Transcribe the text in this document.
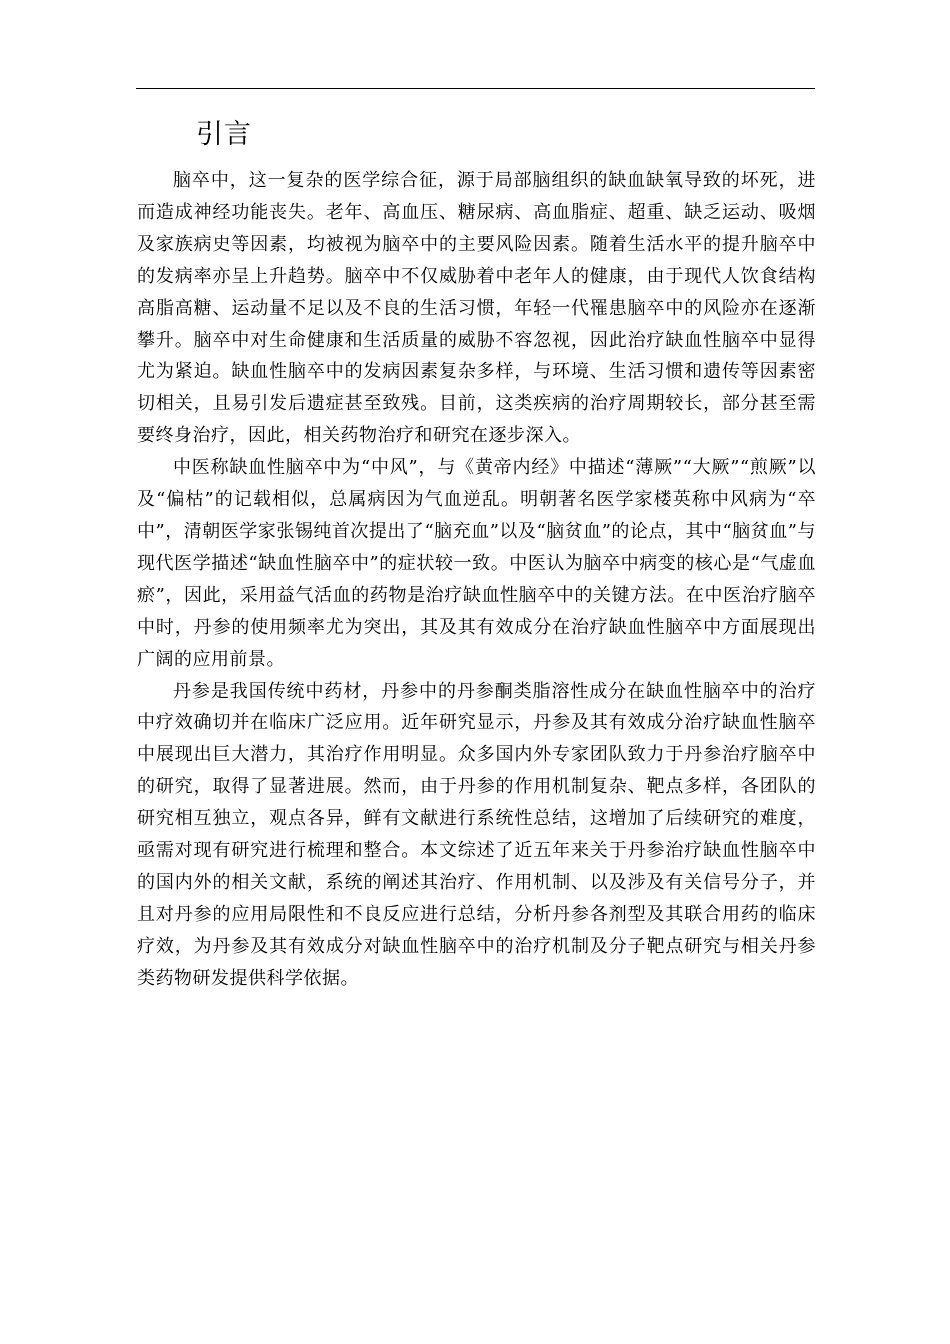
引言

脑卒中，这一复杂的医学综合征，源于局部脑组织的缺血缺氧导致的坏死，进而造成神经功能丧失。老年、高血压、糖尿病、高血脂症、超重、缺乏运动、吸烟及家族病史等因素，均被视为脑卒中的主要风险因素。随着生活水平的提升脑卒中的发病率亦呈上升趋势。脑卒中不仅威胁着中老年人的健康，由于现代人饮食结构高脂高糖、运动量不足以及不良的生活习惯，年轻一代罹患脑卒中的风险亦在逐渐攀升。脑卒中对生命健康和生活质量的威胁不容忽视，因此治疗缺血性脑卒中显得尤为紧迫。缺血性脑卒中的发病因素复杂多样，与环境、生活习惯和遗传等因素密切相关，且易引发后遗症甚至致残。目前，这类疾病的治疗周期较长，部分甚至需要终身治疗，因此，相关药物治疗和研究在逐步深入。

中医称缺血性脑卒中为“中风”，与《黄帝内经》中描述“薄厥”“大厥”“煎厥”以及“偏枯”的记载相似，总属病因为气血逆乱。明朝著名医学家楼英称中风病为“卒中”，清朝医学家张锡纯首次提出了“脑充血”以及“脑贫血”的论点，其中“脑贫血”与现代医学描述“缺血性脑卒中”的症状较一致。中医认为脑卒中病变的核心是“气虚血瘀”，因此，采用益气活血的药物是治疗缺血性脑卒中的关键方法。在中医治疗脑卒中时，丹参的使用频率尤为突出，其及其有效成分在治疗缺血性脑卒中方面展现出广阔的应用前景。

丹参是我国传统中药材，丹参中的丹参酮类脂溶性成分在缺血性脑卒中的治疗中疗效确切并在临床广泛应用。近年研究显示，丹参及其有效成分治疗缺血性脑卒中展现出巨大潜力，其治疗作用明显。众多国内外专家团队致力于丹参治疗脑卒中的研究，取得了显著进展。然而，由于丹参的作用机制复杂、靶点多样，各团队的研究相互独立，观点各异，鲜有文献进行系统性总结，这增加了后续研究的难度，亟需对现有研究进行梳理和整合。本文综述了近五年来关于丹参治疗缺血性脑卒中的国内外的相关文献，系统的阐述其治疗、作用机制、以及涉及有关信号分子，并且对丹参的应用局限性和不良反应进行总结，分析丹参各剂型及其联合用药的临床疗效，为丹参及其有效成分对缺血性脑卒中的治疗机制及分子靶点研究与相关丹参类药物研发提供科学依据。
